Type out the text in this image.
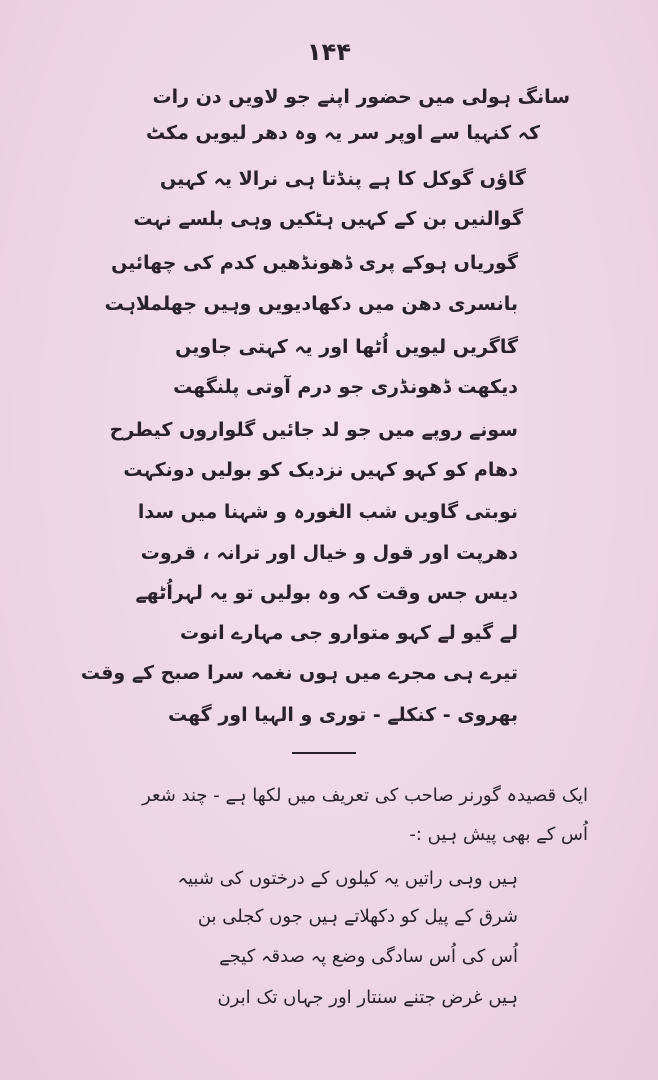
۱۴۴
سانگ ہولی میں حضور اپنے جو لاویں دن رات
کہ کنہیا سے اوپر سر یہ وہ دھر لیویں مکٹ
گاؤں گوکل کا ہے پنڈتا ہی نرالا یہ کہیں
گوالنیں بن کے کہیں ہٹکیں وہی بلسے نہت
گوریاں ہوکے پری ڈھونڈھیں کدم کی چھائیں
بانسری دھن میں دکھادیویں وہیں جھلملاہت
گاگریں لیویں اُٹھا اور یہ کہتی جاویں
دیکھت ڈھونڈری جو درم آوتی پلنگھت
سونے روپے میں جو لد جائیں گلواروں کیطرح
دھام کو کہو کہیں نزدیک کو بولیں دونکہت
نوبتی گاویں شب الغورہ و شہنا میں سدا
دھرپت اور قول و خیال اور ترانہ ، قروت
دیس جس وقت کہ وہ بولیں تو یہ لہراُٹھے
لے گیو لے کہو متوارو جی مہارے انوت
تیرے ہی مجرے میں ہوں نغمہ سرا صبح کے وقت
بھروی - کنکلے - توری و الہیا اور گھت
ایک قصیدہ گورنر صاحب کی تعریف میں لکھا ہے - چند شعر
اُس کے بھی پیش ہیں :-
ہیں وہی راتیں یہ کیلوں کے درختوں کی شبیہ
شرق کے پیل کو دکھلاتے ہیں جوں کجلی بن
اُس کی اُس سادگی وضع پہ صدقہ کیجے
ہیں غرض جتنے سنتار اور جہاں تک ابرن
